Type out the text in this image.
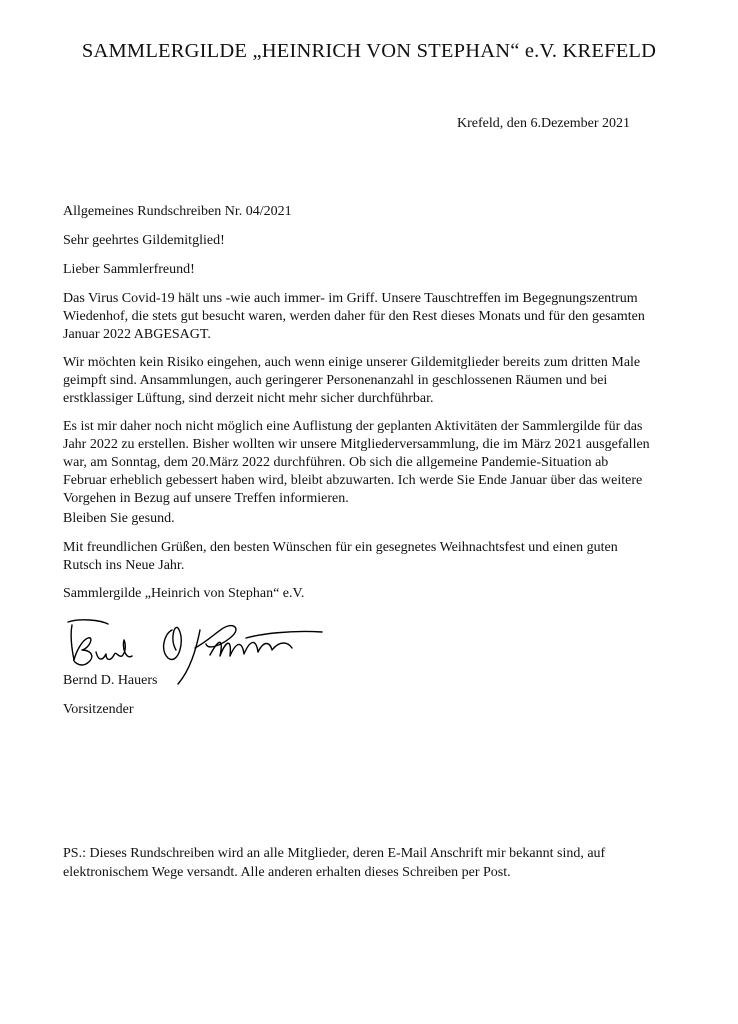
SAMMLERGILDE „HEINRICH VON STEPHAN“ e.V. KREFELD
Krefeld, den 6.Dezember 2021

Allgemeines Rundschreiben Nr. 04/2021

Sehr geehrtes Gildemitglied!

Lieber Sammlerfreund!

Das Virus Covid-19 hält uns -wie auch immer- im Griff. Unsere Tauschtreffen im Begegnungszentrum Wiedenhof, die stets gut besucht waren, werden daher für den Rest dieses Monats und für den gesamten Januar 2022 ABGESAGT.

Wir möchten kein Risiko eingehen, auch wenn einige unserer Gildemitglieder bereits zum dritten Male geimpft sind. Ansammlungen, auch geringerer Personenanzahl in geschlossenen Räumen und bei erstklassiger Lüftung, sind derzeit nicht mehr sicher durchführbar.

Es ist mir daher noch nicht möglich eine Auflistung der geplanten Aktivitäten der Sammlergilde für das Jahr 2022 zu erstellen. Bisher wollten wir unsere Mitgliederversammlung, die im März 2021 ausgefallen war, am Sonntag, dem 20.März 2022 durchführen. Ob sich die allgemeine Pandemie-Situation ab Februar erheblich gebessert haben wird, bleibt abzuwarten. Ich werde Sie Ende Januar über das weitere Vorgehen in Bezug auf unsere Treffen informieren.

Bleiben Sie gesund.

Mit freundlichen Grüßen, den besten Wünschen für ein gesegnetes Weihnachtsfest und einen guten Rutsch ins Neue Jahr.

Sammlergilde „Heinrich von Stephan“ e.V.

Bernd D. Hauers

Vorsitzender

PS.: Dieses Rundschreiben wird an alle Mitglieder, deren E-Mail Anschrift mir bekannt sind, auf elektronischem Wege versandt. Alle anderen erhalten dieses Schreiben per Post.
